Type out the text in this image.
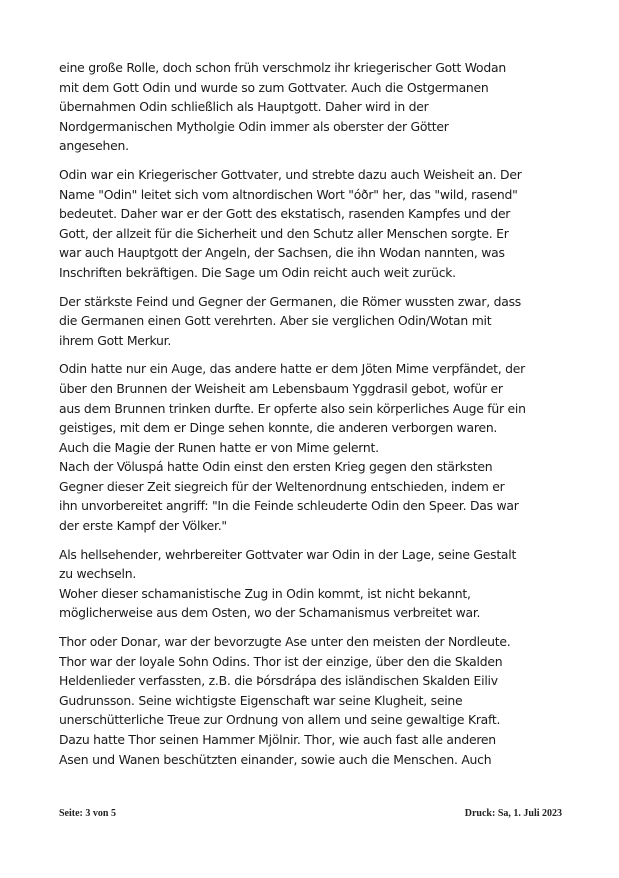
eine große Rolle, doch schon früh verschmolz ihr kriegerischer Gott Wodan
mit dem Gott Odin und wurde so zum Gottvater. Auch die Ostgermanen
übernahmen Odin schließlich als Hauptgott. Daher wird in der
Nordgermanischen Mytholgie Odin immer als oberster der Götter
angesehen.

Odin war ein Kriegerischer Gottvater, und strebte dazu auch Weisheit an. Der
Name "Odin" leitet sich vom altnordischen Wort "óðr" her, das "wild, rasend"
bedeutet. Daher war er der Gott des ekstatisch, rasenden Kampfes und der
Gott, der allzeit für die Sicherheit und den Schutz aller Menschen sorgte. Er
war auch Hauptgott der Angeln, der Sachsen, die ihn Wodan nannten, was
Inschriften bekräftigen. Die Sage um Odin reicht auch weit zurück.

Der stärkste Feind und Gegner der Germanen, die Römer wussten zwar, dass
die Germanen einen Gott verehrten. Aber sie verglichen Odin/Wotan mit
ihrem Gott Merkur.

Odin hatte nur ein Auge, das andere hatte er dem Jöten Mime verpfändet, der
über den Brunnen der Weisheit am Lebensbaum Yggdrasil gebot, wofür er
aus dem Brunnen trinken durfte. Er opferte also sein körperliches Auge für ein
geistiges, mit dem er Dinge sehen konnte, die anderen verborgen waren.
Auch die Magie der Runen hatte er von Mime gelernt.
Nach der Völuspá hatte Odin einst den ersten Krieg gegen den stärksten
Gegner dieser Zeit siegreich für der Weltenordnung entschieden, indem er
ihn unvorbereitet angriff: "In die Feinde schleuderte Odin den Speer. Das war
der erste Kampf der Völker."

Als hellsehender, wehrbereiter Gottvater war Odin in der Lage, seine Gestalt
zu wechseln.
Woher dieser schamanistische Zug in Odin kommt, ist nicht bekannt,
möglicherweise aus dem Osten, wo der Schamanismus verbreitet war.

Thor oder Donar, war der bevorzugte Ase unter den meisten der Nordleute.
Thor war der loyale Sohn Odins. Thor ist der einzige, über den die Skalden
Heldenlieder verfassten, z.B. die Þórsdrápa des isländischen Skalden Eiliv
Gudrunsson. Seine wichtigste Eigenschaft war seine Klugheit, seine
unerschütterliche Treue zur Ordnung von allem und seine gewaltige Kraft.
Dazu hatte Thor seinen Hammer Mjölnir. Thor, wie auch fast alle anderen
Asen und Wanen beschützten einander, sowie auch die Menschen. Auch

Seite: 3 von 5	Druck: Sa, 1. Juli 2023
